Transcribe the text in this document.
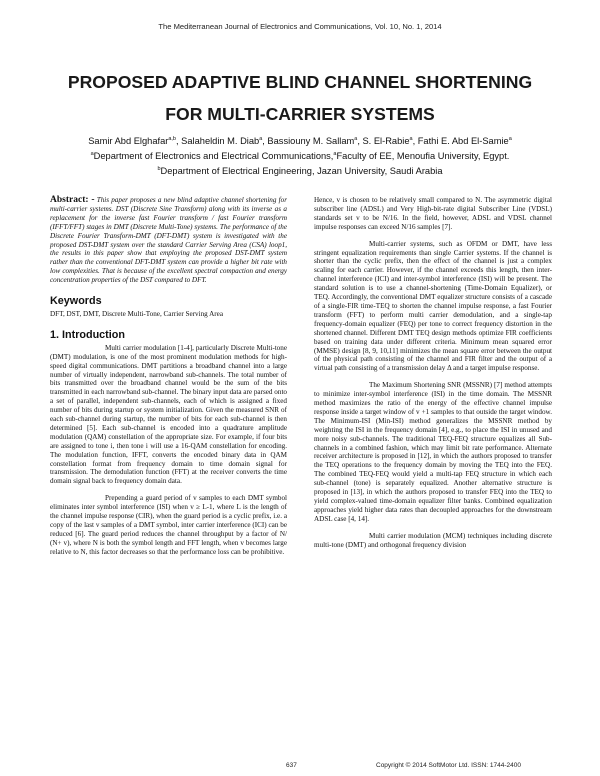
The Mediterranean Journal of Electronics and Communications, Vol. 10, No. 1, 2014
PROPOSED ADAPTIVE BLIND CHANNEL SHORTENING
FOR MULTI-CARRIER SYSTEMS
Samir Abd Elghafar$^{a,b}$, Salaheldin M. Diab$^a$, Bassiouny M. Sallam$^a$, S. El-Rabie$^a$, Fathi E. Abd El-Samie$^a$
$^a$Department of Electronics and Electrical Communications,$^a$Faculty of EE, Menoufia University, Egypt.
$^b$Department of Electrical Engineering, Jazan University, Saudi Arabia

Abstract: - This paper proposes a new blind adaptive channel shortening for multi-carrier systems. DST (Discrete Sine Transform) along with its inverse as a replacement for the inverse fast Fourier transform / fast Fourier transform (IFFT/FFT) stages in DMT (Discrete Multi-Tone) systems. The performance of the Discrete Fourier Transform-DMT (DFT-DMT) system is investigated with the proposed DST-DMT system over the standard Carrier Serving Area (CSA) loop1, the results in this paper show that employing the proposed DST-DMT system rather than the conventional DFT-DMT system can provide a higher bit rate with low complexities. That is because of the excellent spectral compaction and energy concentration properties of the DST compared to DFT.

Keywords

DFT, DST, DMT, Discrete Multi-Tone, Carrier Serving Area

1. Introduction

Multi carrier modulation [1-4], particularly Discrete Multi-tone (DMT) modulation, is one of the most prominent modulation methods for high-speed digital communications. DMT partitions a broadband channel into a large number of virtually independent, narrowband sub-channels. The total number of bits transmitted over the broadband channel would be the sum of the bits transmitted in each narrowband sub-channel. The binary input data are parsed onto a set of parallel, independent sub-channels, each of which is assigned a fixed number of bits during startup or system initialization. Given the measured SNR of each sub-channel during startup, the number of bits for each sub-channel is then determined [5]. Each sub-channel is encoded into a quadrature amplitude modulation (QAM) constellation of the appropriate size. For example, if four bits are assigned to tone i, then tone i will use a 16-QAM constellation for encoding. The modulation function, IFFT, converts the encoded binary data in QAM constellation format from frequency domain to time domain signal for transmission. The demodulation function (FFT) at the receiver converts the time domain signal back to frequency domain data.

Prepending a guard period of v samples to each DMT symbol eliminates inter symbol interference (ISI) when v ≥ L-1, where L is the length of the channel impulse response (CIR), when the guard period is a cyclic prefix, i.e. a copy of the last v samples of a DMT symbol, inter carrier interference (ICI) can be reduced [6]. The guard period reduces the channel throughput by a factor of N/ (N+ v), where N is both the symbol length and FFT length, when v becomes large relative to N, this factor decreases so that the performance loss can be prohibitive.

Hence, v is chosen to be relatively small compared to N. The asymmetric digital subscriber line (ADSL) and Very High-bit-rate digital Subscriber Line (VDSL) standards set v to be N/16. In the field, however, ADSL and VDSL channel impulse responses can exceed N/16 samples [7].

Multi-carrier systems, such as OFDM or DMT, have less stringent equalization requirements than single Carrier systems. If the channel is shorter than the cyclic prefix, then the effect of the channel is just a complex scaling for each carrier. However, if the channel exceeds this length, then inter-channel interference (ICI) and inter-symbol interference (ISI) will be present. The standard solution is to use a channel-shortening (Time-Domain Equalizer), or TEQ. Accordingly, the conventional DMT equalizer structure consists of a cascade of a single-FIR time-TEQ to shorten the channel impulse response, a fast Fourier transform (FFT) to perform multi carrier demodulation, and a single-tap frequency-domain equalizer (FEQ) per tone to correct frequency distortion in the shortened channel. Different DMT TEQ design methods optimize FIR coefficients based on training data under different criteria. Minimum mean squared error (MMSE) design [8, 9, 10,11] minimizes the mean square error between the output of the physical path consisting of the channel and FIR filter and the output of a virtual path consisting of a transmission delay Δ and a target impulse response.

The Maximum Shortening SNR (MSSNR) [7] method attempts to minimize inter-symbol interference (ISI) in the time domain. The MSSNR method maximizes the ratio of the energy of the effective channel impulse response inside a target window of v +1 samples to that outside the target window. The Minimum-ISI (Min-ISI) method generalizes the MSSNR method by weighting the ISI in the frequency domain [4], e.g., to place the ISI in unused and more noisy sub-channels. The traditional TEQ-FEQ structure equalizes all Sub-channels in a combined fashion, which may limit bit rate performance. Alternate receiver architecture is proposed in [12], in which the authors proposed to transfer the TEQ operations to the frequency domain by moving the TEQ into the FEQ. The combined TEQ-FEQ would yield a multi-tap FEQ structure in which each sub-channel (tone) is separately equalized. Another alternative structure is proposed in [13], in which the authors proposed to transfer FEQ into the TEQ to yield complex-valued time-domain equalizer filter banks. Combined equalization approaches yield higher data rates than decoupled approaches for the downstream ADSL case [4, 14].

Multi carrier modulation (MCM) techniques including discrete multi-tone (DMT) and orthogonal frequency division

637	Copyright © 2014 SoftMotor Ltd. ISSN: 1744-2400
